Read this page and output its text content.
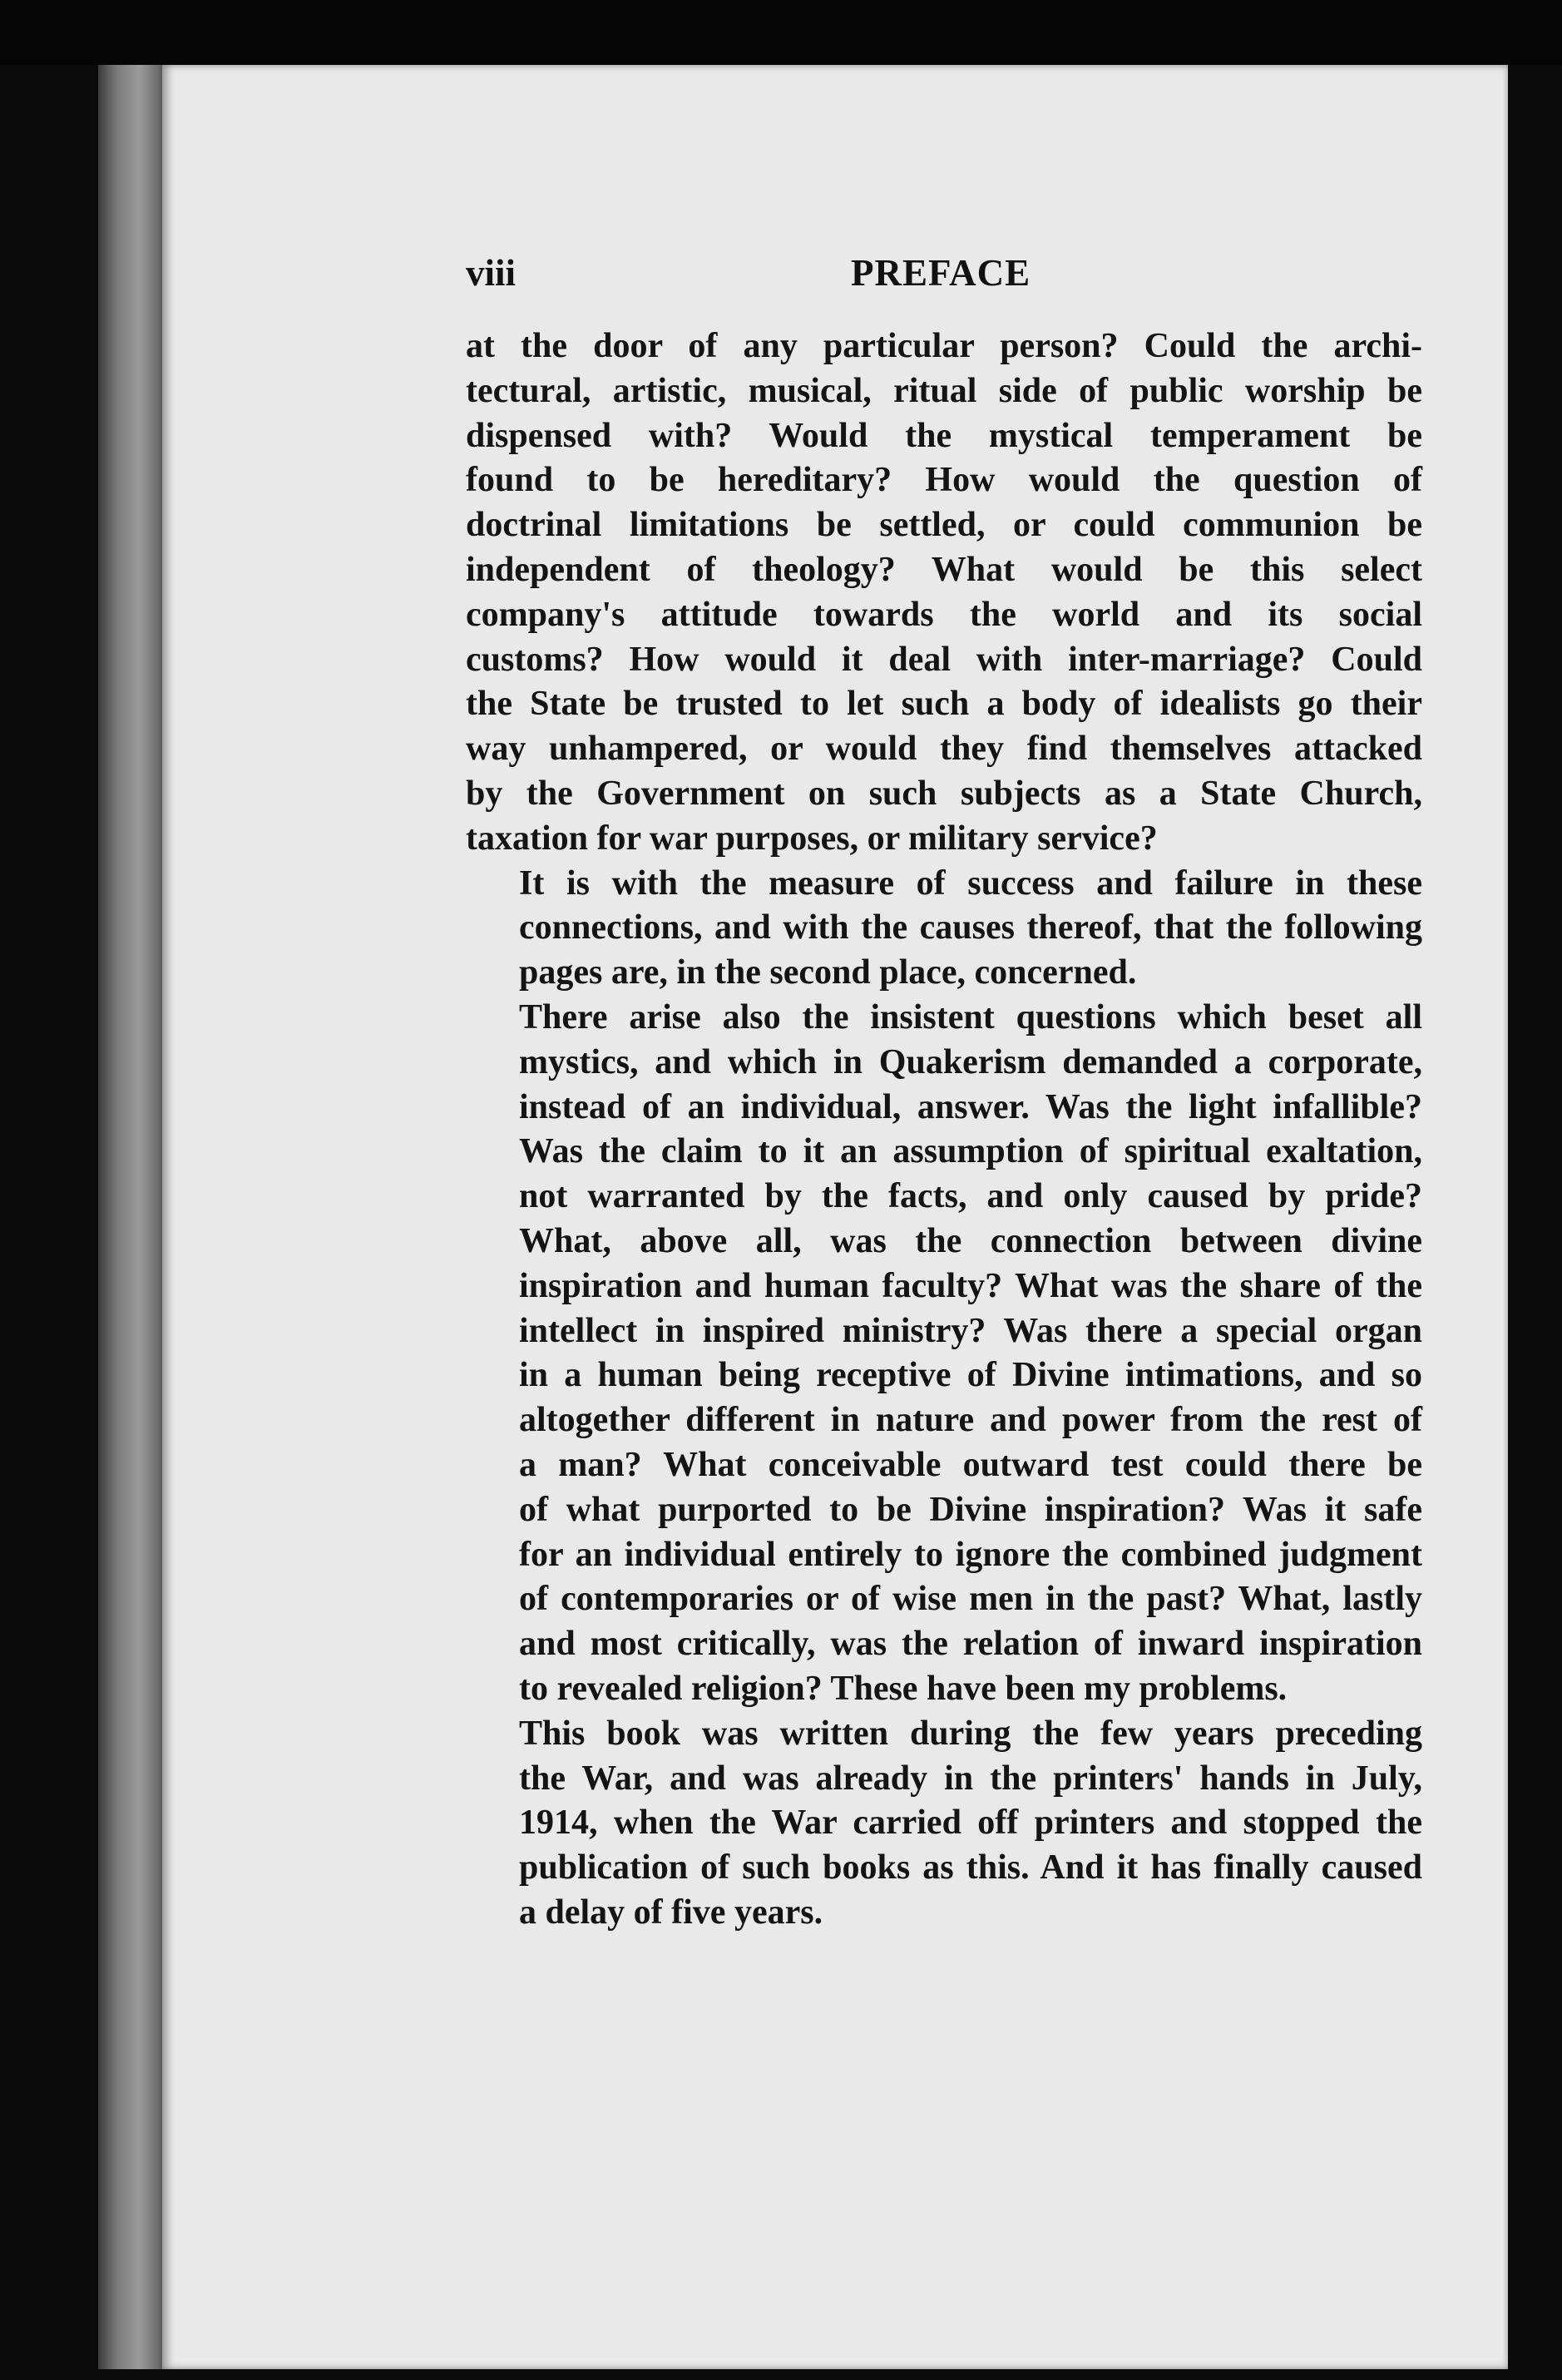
viii	PREFACE

at the door of any particular person? Could the archi-
tectural, artistic, musical, ritual side of public worship be
dispensed with? Would the mystical temperament be
found to be hereditary? How would the question of
doctrinal limitations be settled, or could communion be
independent of theology? What would be this select
company's attitude towards the world and its social
customs? How would it deal with inter-marriage? Could
the State be trusted to let such a body of idealists go their
way unhampered, or would they find themselves attacked
by the Government on such subjects as a State Church,
taxation for war purposes, or military service?

It is with the measure of success and failure in these
connections, and with the causes thereof, that the following
pages are, in the second place, concerned.

There arise also the insistent questions which beset all
mystics, and which in Quakerism demanded a corporate,
instead of an individual, answer. Was the light infallible?
Was the claim to it an assumption of spiritual exaltation,
not warranted by the facts, and only caused by pride?
What, above all, was the connection between divine
inspiration and human faculty? What was the share of the
intellect in inspired ministry? Was there a special organ
in a human being receptive of Divine intimations, and so
altogether different in nature and power from the rest of
a man? What conceivable outward test could there be
of what purported to be Divine inspiration? Was it safe
for an individual entirely to ignore the combined judgment
of contemporaries or of wise men in the past? What, lastly
and most critically, was the relation of inward inspiration
to revealed religion? These have been my problems.

This book was written during the few years preceding
the War, and was already in the printers' hands in July,
1914, when the War carried off printers and stopped the
publication of such books as this. And it has finally caused
a delay of five years.
